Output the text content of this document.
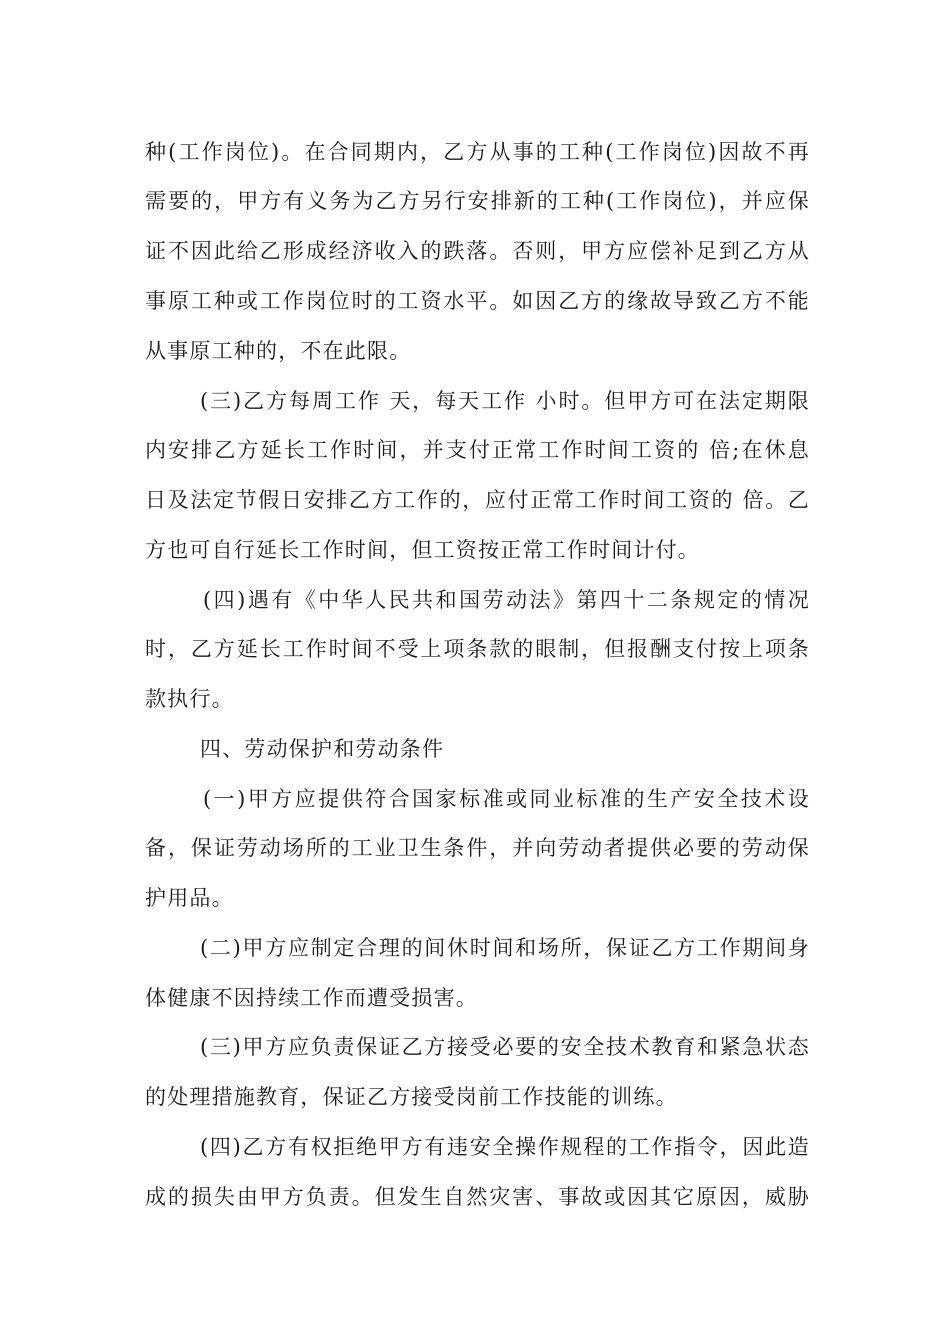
种(工作岗位)。在合同期内，乙方从事的工种(工作岗位)因故不再
需要的，甲方有义务为乙方另行安排新的工种(工作岗位)，并应保
证不因此给乙形成经济收入的跌落。否则，甲方应偿补足到乙方从
事原工种或工作岗位时的工资水平。如因乙方的缘故导致乙方不能
从事原工种的，不在此限。
(三)乙方每周工作 天，每天工作 小时。但甲方可在法定期限
内安排乙方延长工作时间，并支付正常工作时间工资的 倍;在休息
日及法定节假日安排乙方工作的，应付正常工作时间工资的 倍。乙
方也可自行延长工作时间，但工资按正常工作时间计付。
(四)遇有《中华人民共和国劳动法》第四十二条规定的情况
时，乙方延长工作时间不受上项条款的眼制，但报酬支付按上项条
款执行。
四、劳动保护和劳动条件
(一)甲方应提供符合国家标准或同业标准的生产安全技术设
备，保证劳动场所的工业卫生条件，并向劳动者提供必要的劳动保
护用品。
(二)甲方应制定合理的间休时间和场所，保证乙方工作期间身
体健康不因持续工作而遭受损害。
(三)甲方应负责保证乙方接受必要的安全技术教育和紧急状态
的处理措施教育，保证乙方接受岗前工作技能的训练。
(四)乙方有权拒绝甲方有违安全操作规程的工作指令，因此造
成的损失由甲方负责。但发生自然灾害、事故或因其它原因，威胁
